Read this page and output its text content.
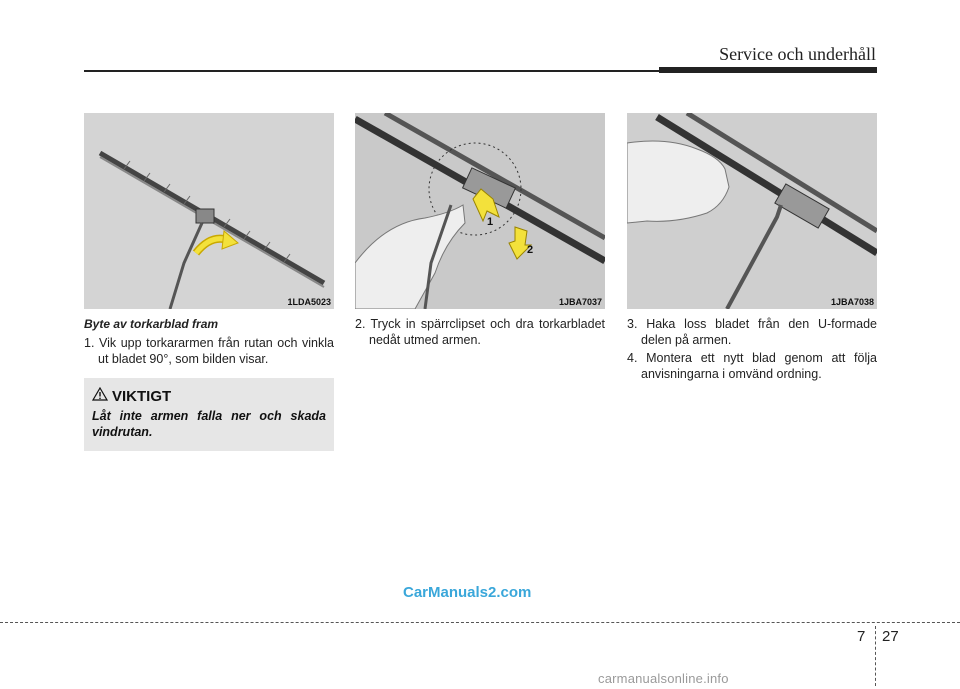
Service och underhåll
1LDA5023
1
2
1JBA7037	1JBA7038
Byte av torkarblad fram
1. Vik upp torkararmen från rutan och vinkla ut bladet 90°, som bilden visar.
VIKTIGT
Låt inte armen falla ner och skada vindrutan.
2. Tryck in spärrclipset och dra torkarbladet nedåt utmed armen.
3. Haka loss bladet från den U-formade delen på armen.
4. Montera ett nytt blad genom att följa anvisningarna i omvänd ordning.
CarManuals2.com
7 27
carmanualsonline.info
